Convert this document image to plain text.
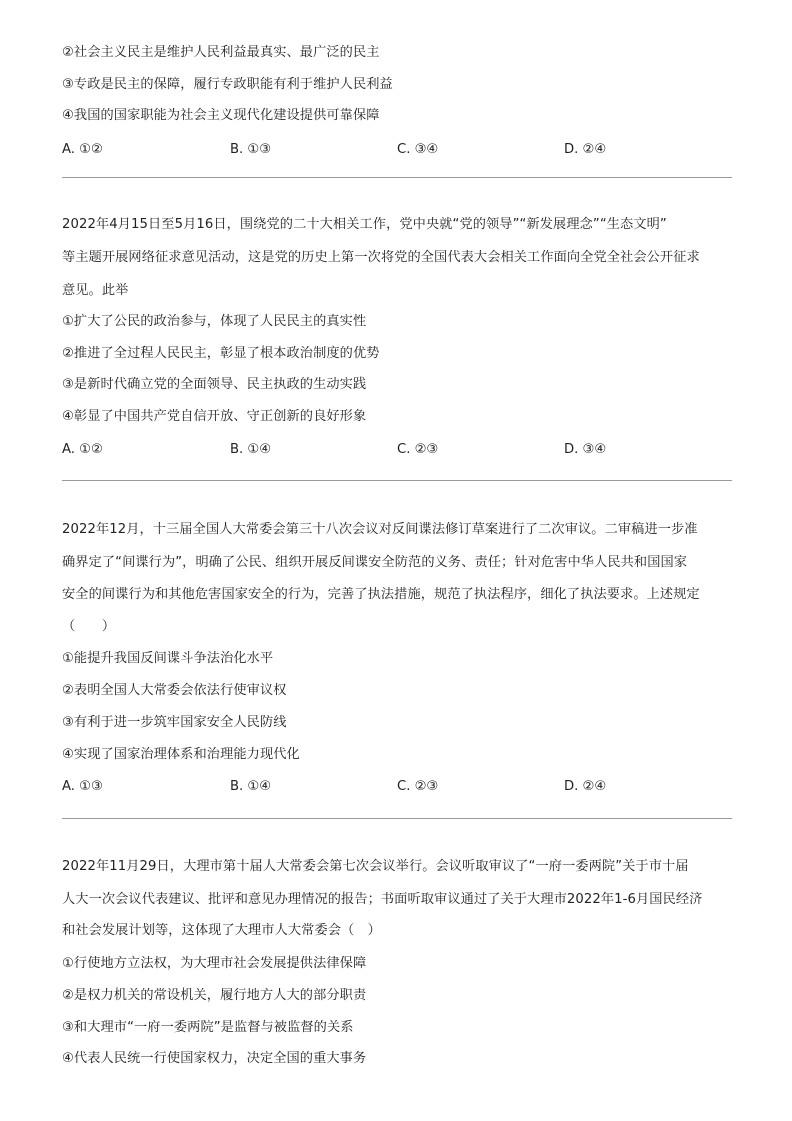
②社会主义民主是维护人民利益最真实、最广泛的民主
③专政是民主的保障，履行专政职能有利于维护人民利益
④我国的国家职能为社会主义现代化建设提供可靠保障
A. ①②	B. ①③	C. ③④	D. ②④
2022年4月15日至5月16日，围绕党的二十大相关工作，党中央就“党的领导”“新发展理念”“生态文明”
等主题开展网络征求意见活动，这是党的历史上第一次将党的全国代表大会相关工作面向全党全社会公开征求
意见。此举
①扩大了公民的政治参与，体现了人民民主的真实性
②推进了全过程人民民主，彰显了根本政治制度的优势
③是新时代确立党的全面领导、民主执政的生动实践
④彰显了中国共产党自信开放、守正创新的良好形象
A. ①②	B. ①④	C. ②③	D. ③④
2022年12月，十三届全国人大常委会第三十八次会议对反间谍法修订草案进行了二次审议。二审稿进一步准
确界定了“间谍行为”，明确了公民、组织开展反间谍安全防范的义务、责任；针对危害中华人民共和国国家
安全的间谍行为和其他危害国家安全的行为，完善了执法措施，规范了执法程序，细化了执法要求。上述规定
（　　）
①能提升我国反间谍斗争法治化水平
②表明全国人大常委会依法行使审议权
③有利于进一步筑牢国家安全人民防线
④实现了国家治理体系和治理能力现代化
A. ①③	B. ①④	C. ②③	D. ②④
2022年11月29日，大理市第十届人大常委会第七次会议举行。会议听取审议了“一府一委两院”关于市十届
人大一次会议代表建议、批评和意见办理情况的报告；书面听取审议通过了关于大理市2022年1-6月国民经济
和社会发展计划等，这体现了大理市人大常委会（　）
①行使地方立法权，为大理市社会发展提供法律保障
②是权力机关的常设机关，履行地方人大的部分职责
③和大理市“一府一委两院”是监督与被监督的关系
④代表人民统一行使国家权力，决定全国的重大事务
